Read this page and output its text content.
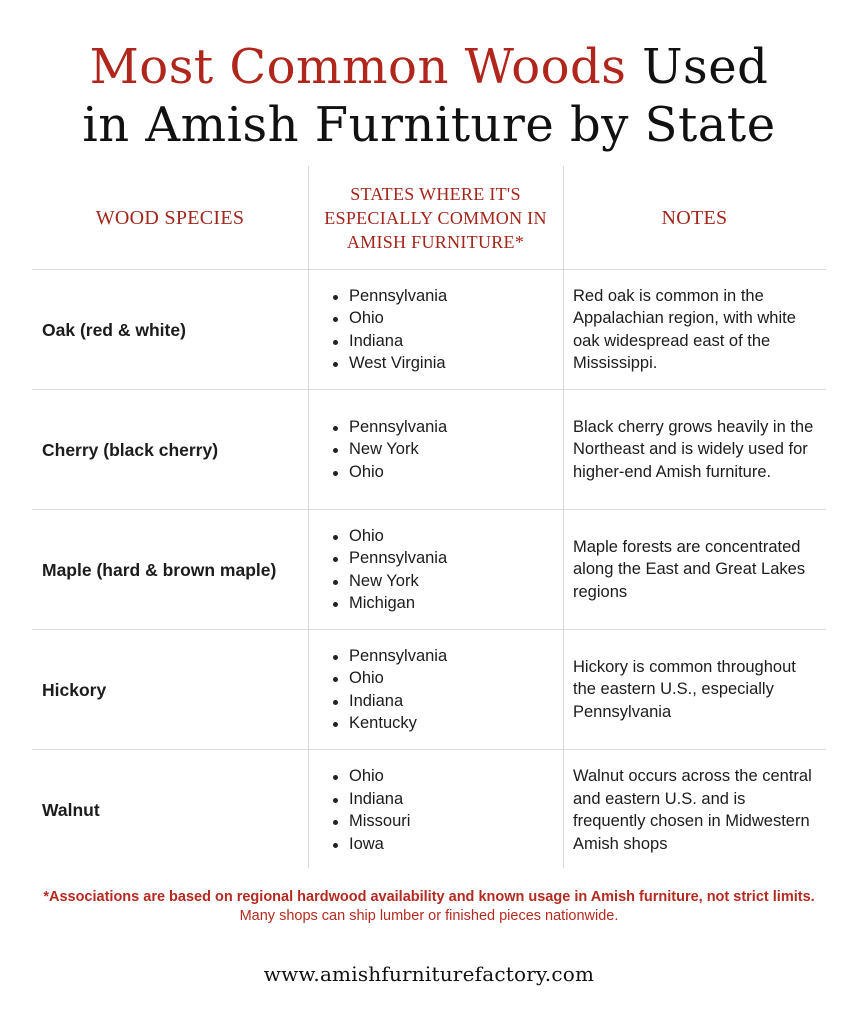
Most Common Woods Used
in Amish Furniture by State
WOOD SPECIES
STATES WHERE IT'S ESPECIALLY COMMON IN AMISH FURNITURE*
NOTES
Oak (red & white)
Pennsylvania
Ohio
Indiana
West Virginia
Red oak is common in the Appalachian region, with white oak widespread east of the Mississippi.
Cherry (black cherry)
Pennsylvania
New York
Ohio
Black cherry grows heavily in the Northeast and is widely used for higher-end Amish furniture.
Maple (hard & brown maple)
Ohio
Pennsylvania
New York
Michigan
Maple forests are concentrated along the East and Great Lakes regions
Hickory
Pennsylvania
Ohio
Indiana
Kentucky
Hickory is common throughout the eastern U.S., especially Pennsylvania
Walnut
Ohio
Indiana
Missouri
Iowa
Walnut occurs across the central and eastern U.S. and is frequently chosen in Midwestern Amish shops
*Associations are based on regional hardwood availability and known usage in Amish furniture, not strict limits. Many shops can ship lumber or finished pieces nationwide.
www.amishfurniturefactory.com
